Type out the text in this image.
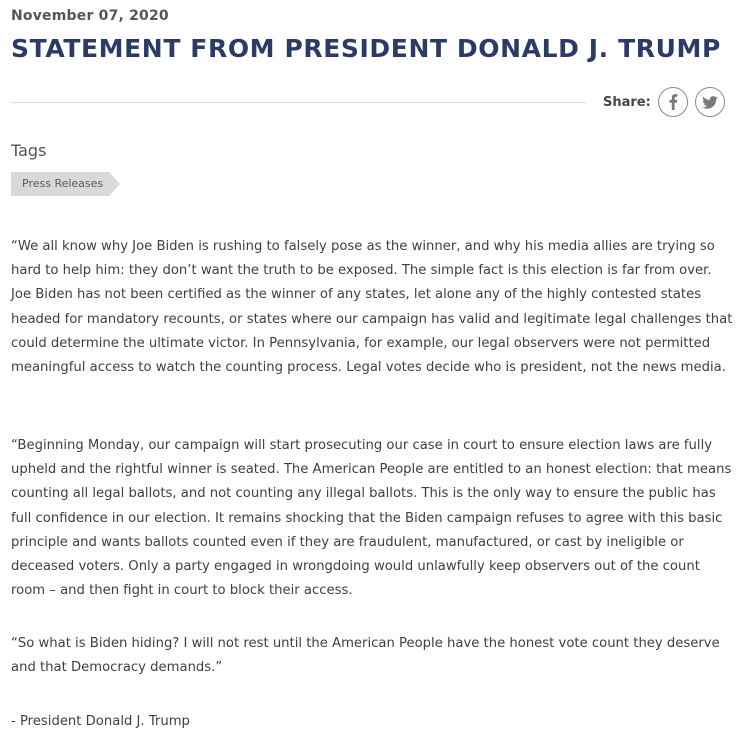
November 07, 2020
STATEMENT FROM PRESIDENT DONALD J. TRUMP
Share:
Tags
Press Releases

“We all know why Joe Biden is rushing to falsely pose as the winner, and why his media allies are trying so hard to help him: they don’t want the truth to be exposed. The simple fact is this election is far from over. Joe Biden has not been certified as the winner of any states, let alone any of the highly contested states headed for mandatory recounts, or states where our campaign has valid and legitimate legal challenges that could determine the ultimate victor. In Pennsylvania, for example, our legal observers were not permitted meaningful access to watch the counting process. Legal votes decide who is president, not the news media.

“Beginning Monday, our campaign will start prosecuting our case in court to ensure election laws are fully upheld and the rightful winner is seated. The American People are entitled to an honest election: that means counting all legal ballots, and not counting any illegal ballots. This is the only way to ensure the public has full confidence in our election. It remains shocking that the Biden campaign refuses to agree with this basic principle and wants ballots counted even if they are fraudulent, manufactured, or cast by ineligible or deceased voters. Only a party engaged in wrongdoing would unlawfully keep observers out of the count room – and then fight in court to block their access.

“So what is Biden hiding? I will not rest until the American People have the honest vote count they deserve and that Democracy demands.”

- President Donald J. Trump
